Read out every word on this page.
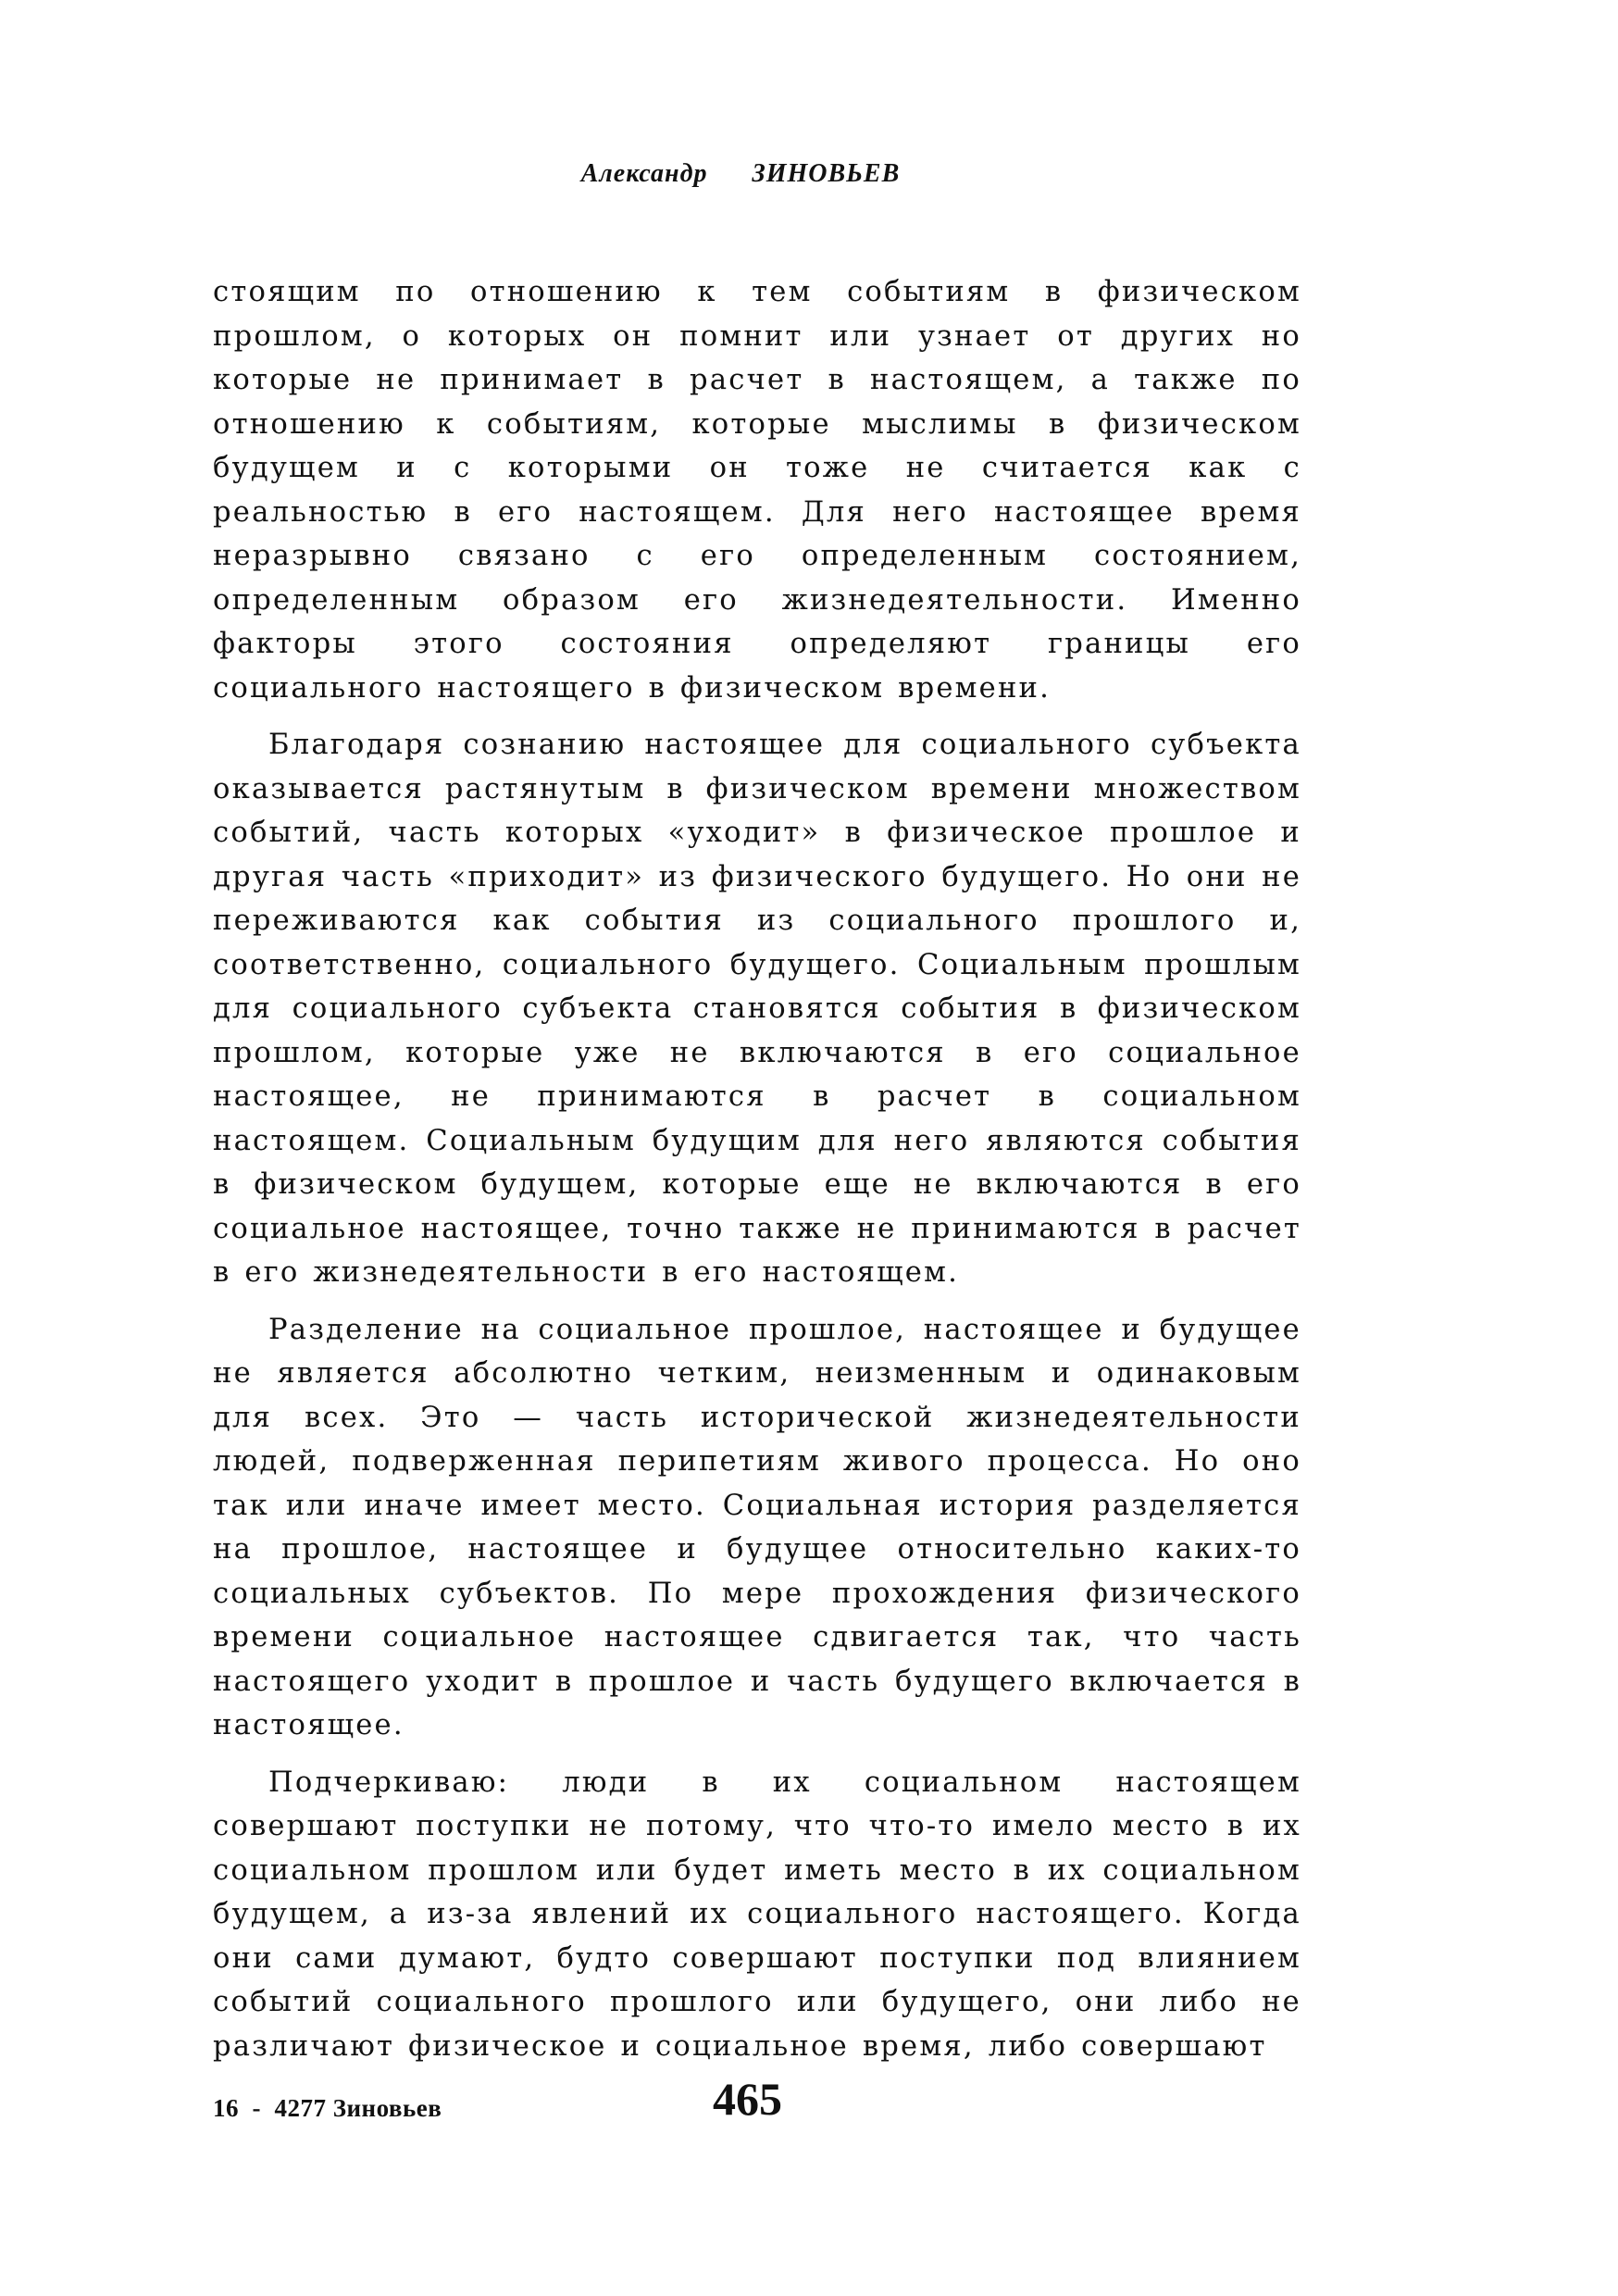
Александр ЗИНОВЬЕВ

стоящим по отношению к тем событиям в физическом прошлом, о которых он помнит или узнает от других но которые не принимает в расчет в настоящем, а также по отношению к событиям, которые мыслимы в физическом будущем и с которыми он тоже не считается как с реальностью в его настоящем. Для него настоящее время неразрывно связано с его определенным состоянием, определенным образом его жизнедеятельности. Именно факторы этого состояния определяют границы его социального настоящего в физическом времени.

Благодаря сознанию настоящее для социального субъекта оказывается растянутым в физическом времени множеством событий, часть которых «уходит» в физическое прошлое и другая часть «приходит» из физического будущего. Но они не переживаются как события из социального прошлого и, соответственно, социального будущего. Социальным прошлым для социального субъекта становятся события в физическом прошлом, которые уже не включаются в его социальное настоящее, не принимаются в расчет в социальном настоящем. Социальным будущим для него являются события в физическом будущем, которые еще не включаются в его социальное настоящее, точно также не принимаются в расчет в его жизнедеятельности в его настоящем.

Разделение на социальное прошлое, настоящее и будущее не является абсолютно четким, неизменным и одинаковым для всех. Это — часть исторической жизнедеятельности людей, подверженная перипетиям живого процесса. Но оно так или иначе имеет место. Социальная история разделяется на прошлое, настоящее и будущее относительно каких-то социальных субъектов. По мере прохождения физического времени социальное настоящее сдвигается так, что часть настоящего уходит в прошлое и часть будущего включается в настоящее.

Подчеркиваю: люди в их социальном настоящем совершают поступки не потому, что что-то имело место в их социальном прошлом или будет иметь место в их социальном будущем, а из-за явлений их социального настоящего. Когда они сами думают, будто совершают поступки под влиянием событий социального прошлого или будущего, они либо не различают физическое и социальное время, либо совершают

16  -  4277 Зиновьев	465
